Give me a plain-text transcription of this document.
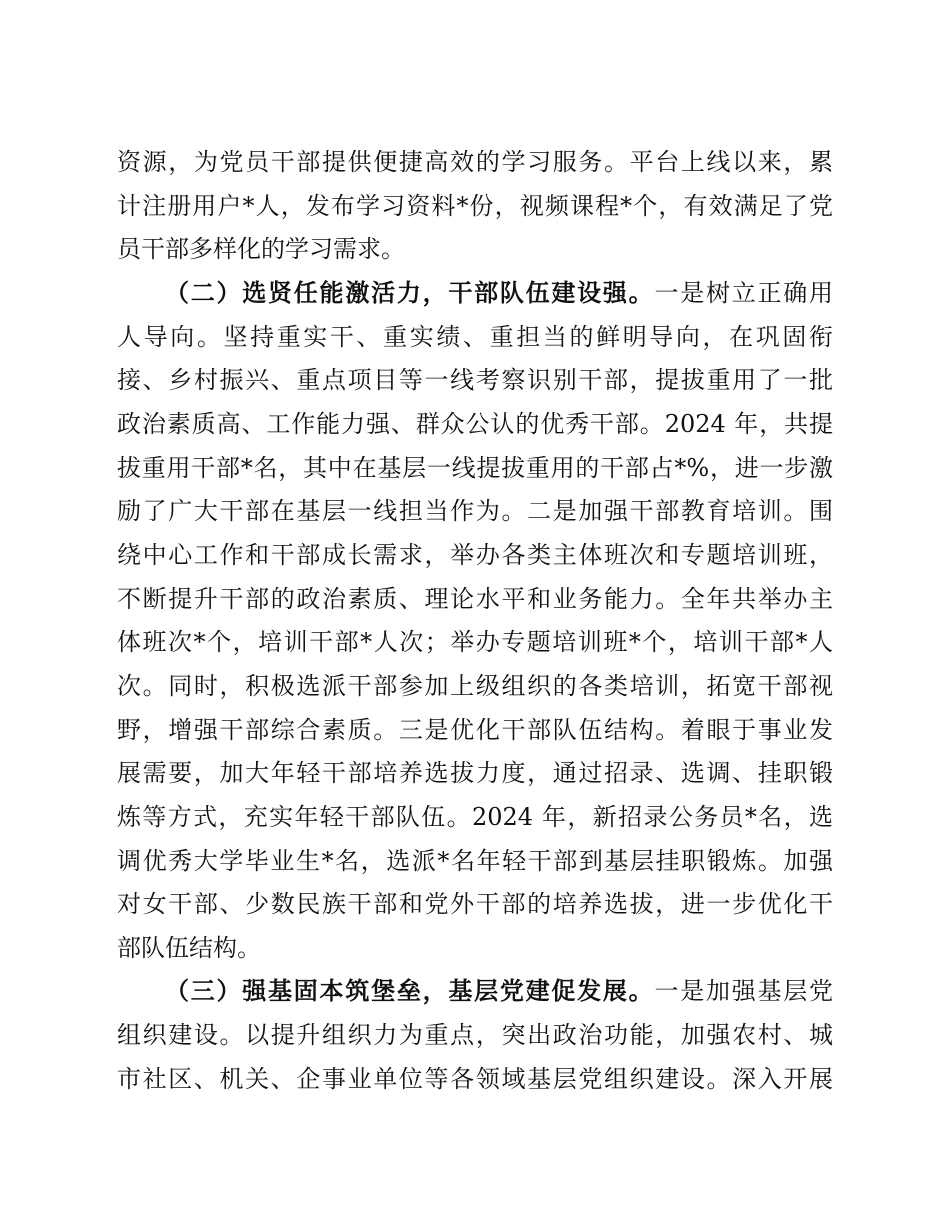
资源，为党员干部提供便捷高效的学习服务。平台上线以来，累
计注册用户*人，发布学习资料*份，视频课程*个，有效满足了党
员干部多样化的学习需求。
（二）选贤任能激活力，干部队伍建设强。一是树立正确用
人导向。坚持重实干、重实绩、重担当的鲜明导向，在巩固衔
接、乡村振兴、重点项目等一线考察识别干部，提拔重用了一批
政治素质高、工作能力强、群众公认的优秀干部。2024 年，共提
拔重用干部*名，其中在基层一线提拔重用的干部占*%，进一步激
励了广大干部在基层一线担当作为。二是加强干部教育培训。围
绕中心工作和干部成长需求，举办各类主体班次和专题培训班，
不断提升干部的政治素质、理论水平和业务能力。全年共举办主
体班次*个，培训干部*人次；举办专题培训班*个，培训干部*人
次。同时，积极选派干部参加上级组织的各类培训，拓宽干部视
野，增强干部综合素质。三是优化干部队伍结构。着眼于事业发
展需要，加大年轻干部培养选拔力度，通过招录、选调、挂职锻
炼等方式，充实年轻干部队伍。2024 年，新招录公务员*名，选
调优秀大学毕业生*名，选派*名年轻干部到基层挂职锻炼。加强
对女干部、少数民族干部和党外干部的培养选拔，进一步优化干
部队伍结构。
（三）强基固本筑堡垒，基层党建促发展。一是加强基层党
组织建设。以提升组织力为重点，突出政治功能，加强农村、城
市社区、机关、企事业单位等各领域基层党组织建设。深入开展
